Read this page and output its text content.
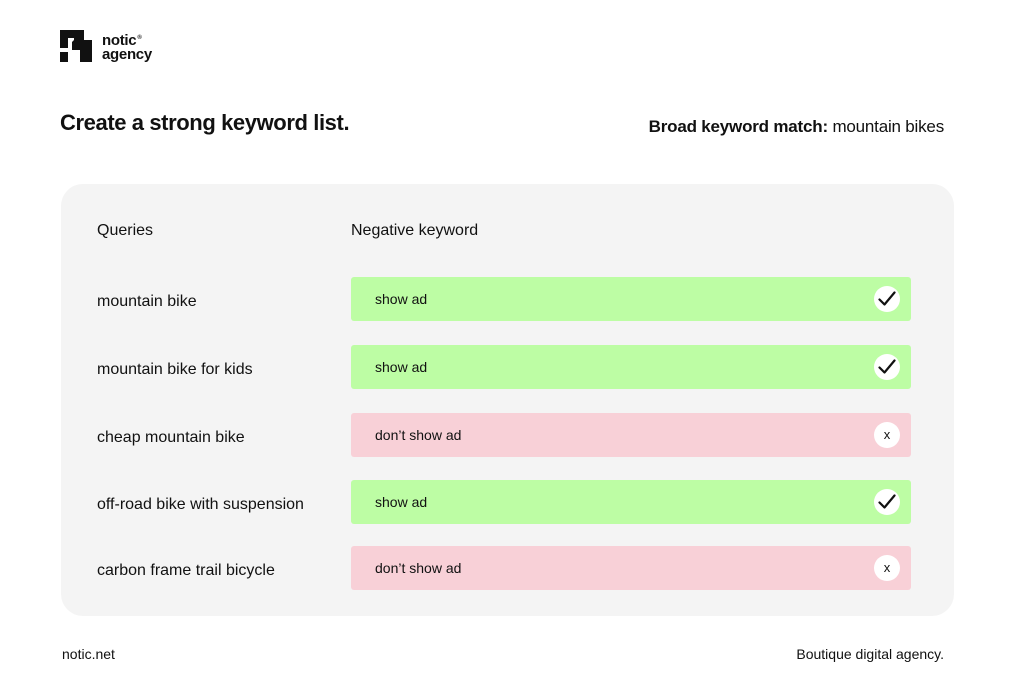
notic®
agency
Create a strong keyword list.	Broad keyword match: mountain bikes
Queries	Negative keyword
mountain bike	show ad
mountain bike for kids	show ad
cheap mountain bike	don’t show ad	x
off-road bike with suspension	show ad
carbon frame trail bicycle	don’t show ad	x
notic.net	Boutique digital agency.
